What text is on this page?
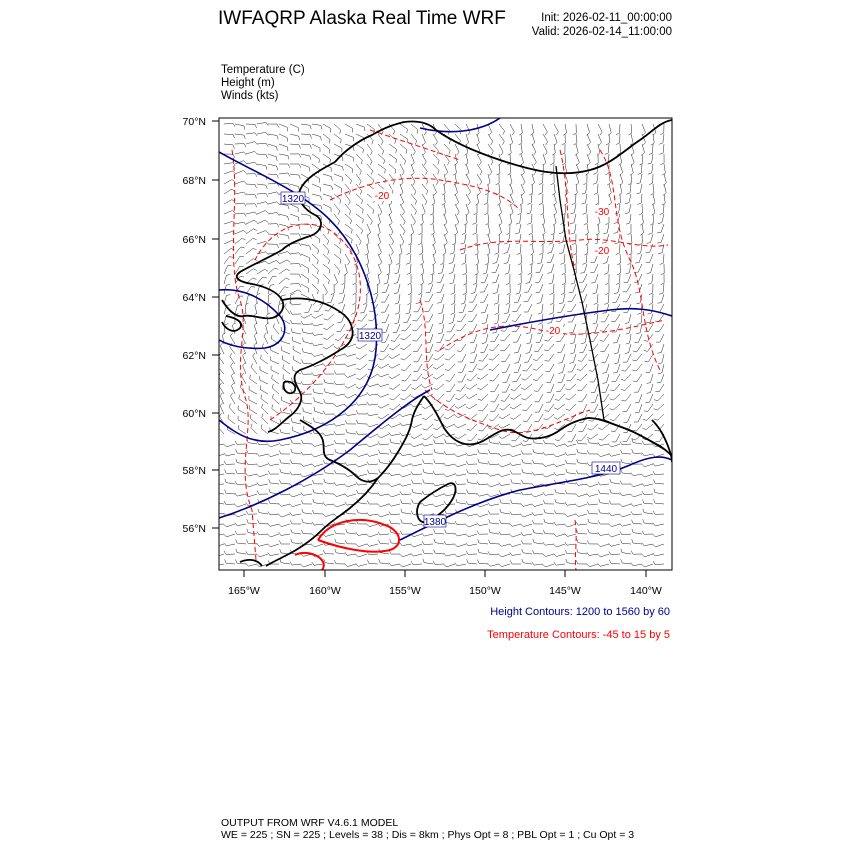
IWFAQRP Alaska Real Time WRF	Init: 2026-02-11_00:00:00
Valid: 2026-02-14_11:00:00
Temperature (C)
Height (m)
Winds (kts)
1320
1320
1440
1380
-20
-30
-20
-20
70°N
68°N
66°N
64°N
62°N
60°N
58°N
56°N
165°W	160°W	155°W	150°W	145°W	140°W
Height Contours: 1200 to 1560 by 60
Temperature Contours: -45 to 15 by 5
OUTPUT FROM WRF V4.6.1 MODEL
WE = 225 ; SN = 225 ; Levels = 38 ; Dis = 8km ; Phys Opt = 8 ; PBL Opt = 1 ; Cu Opt = 3
